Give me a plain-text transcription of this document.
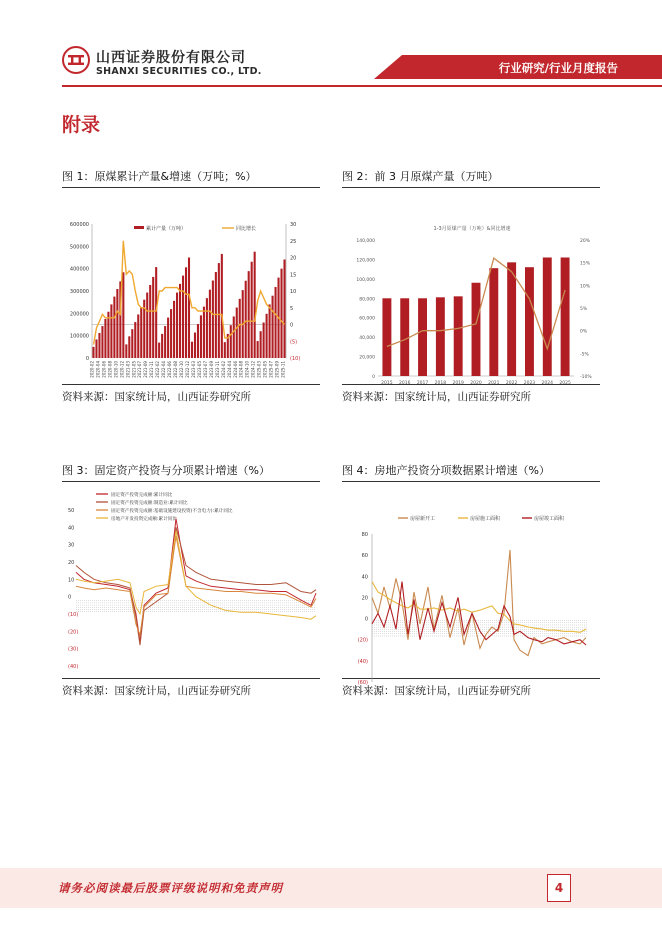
山西证券股份有限公司
SHANXI SECURITIES CO., LTD.	行业研究/行业月度报告
附录
图 1：原煤累计产量&增速（万吨；%）
600000
500000
400000
300000
200000
100000
0
30
25
20
15
10
5
0
(5)
(10)
2020-02 2020-04 2020-06 2020-08 2020-10 2020-12 2021-03 2021-05 2021-07 2021-09 2021-11 2022-02 2022-04 2022-06 2022-08 2022-10 2022-12 2023-03 2023-05 2023-07 2023-09 2023-11 2024-02 2024-04 2024-06 2024-08 2024-10 2024-12 2025-03 2025-05 2025-07 2025-09 2025-11
累计产量（万吨）	同比增长
资料来源：国家统计局，山西证券研究所
图 2：前 3 月原煤产量（万吨）
1-3月原煤产量（万吨）&同比增速
140,000
120,000
100,000
80,000
60,000
40,000
20,000
0
20%
15%
10%
5%
0%
-5%
-10%
2015 2016 2017 2018 2019 2020 2021 2022 2023 2024 2025
资料来源：国家统计局，山西证券研究所
图 3：固定资产投资与分项累计增速（%）
50
40
30
20
10
0
(10)
(20)
(30)
(40)
固定资产投资完成额:累计同比
固定资产投资完成额:制造业:累计同比
固定资产投资完成额:基础设施建设投资(不含电力):累计同比
房地产开发投资完成额:累计同比
资料来源：国家统计局，山西证券研究所
图 4：房地产投资分项数据累计增速（%）
80
60
40
20
0
(20)
(40)
(60)
房屋新开工	房屋施工面积	房屋竣工面积
资料来源：国家统计局，山西证券研究所
请务必阅读最后股票评级说明和免责声明	4
